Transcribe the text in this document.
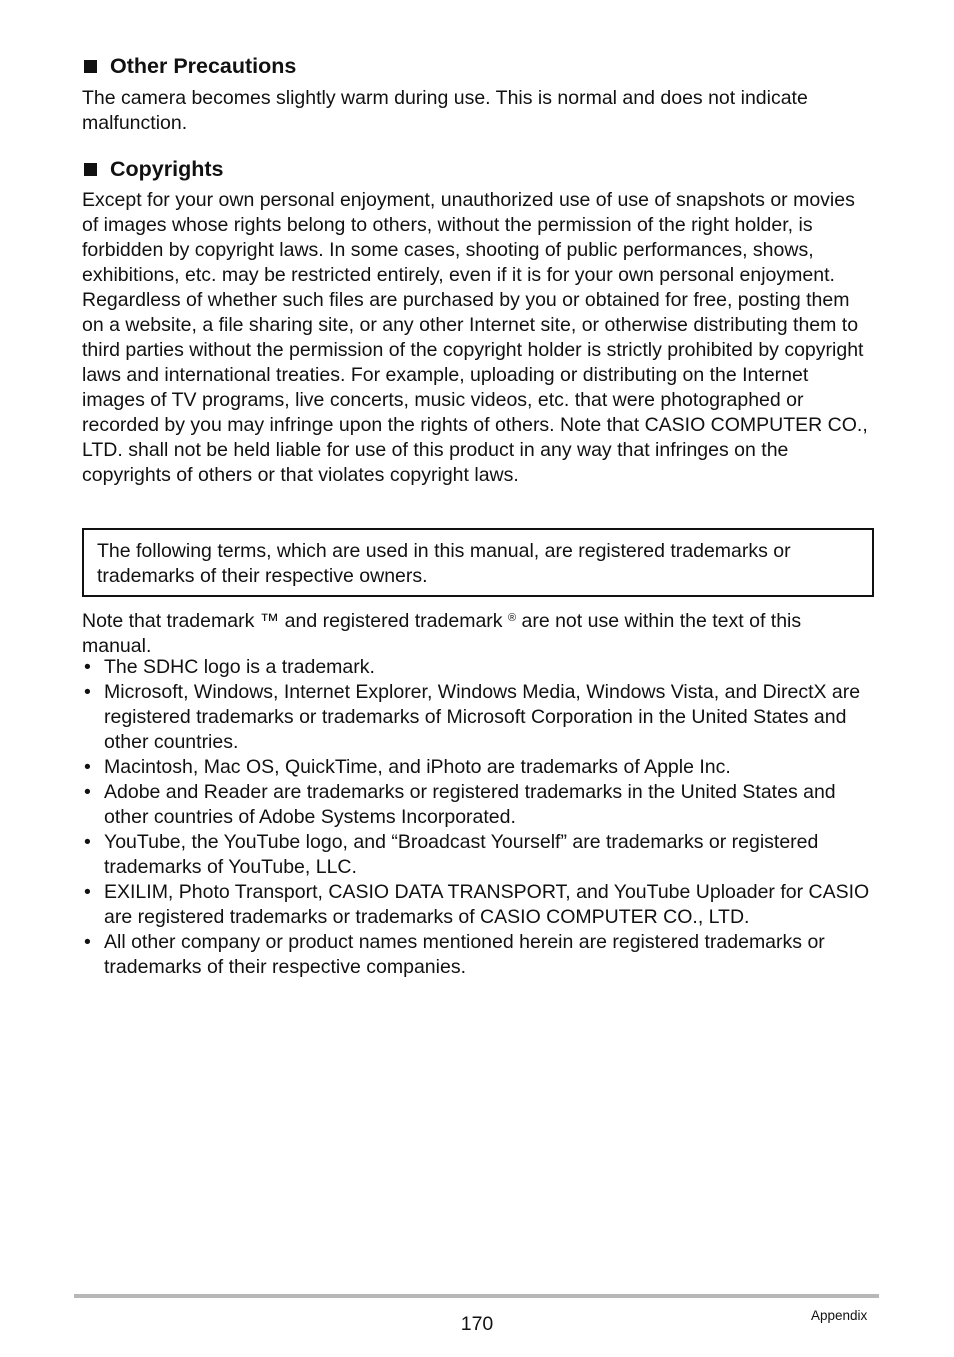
Other Precautions

The camera becomes slightly warm during use. This is normal and does not indicate malfunction.

Copyrights

Except for your own personal enjoyment, unauthorized use of use of snapshots or movies of images whose rights belong to others, without the permission of the right holder, is forbidden by copyright laws. In some cases, shooting of public performances, shows, exhibitions, etc. may be restricted entirely, even if it is for your own personal enjoyment. Regardless of whether such files are purchased by you or obtained for free, posting them on a website, a file sharing site, or any other Internet site, or otherwise distributing them to third parties without the permission of the copyright holder is strictly prohibited by copyright laws and international treaties. For example, uploading or distributing on the Internet images of TV programs, live concerts, music videos, etc. that were photographed or recorded by you may infringe upon the rights of others. Note that CASIO COMPUTER CO., LTD. shall not be held liable for use of this product in any way that infringes on the copyrights of others or that violates copyright laws.

The following terms, which are used in this manual, are registered trademarks or trademarks of their respective owners.

Note that trademark ™ and registered trademark ® are not use within the text of this manual.

• The SDHC logo is a trademark.
• Microsoft, Windows, Internet Explorer, Windows Media, Windows Vista, and DirectX are registered trademarks or trademarks of Microsoft Corporation in the United States and other countries.
• Macintosh, Mac OS, QuickTime, and iPhoto are trademarks of Apple Inc.
• Adobe and Reader are trademarks or registered trademarks in the United States and other countries of Adobe Systems Incorporated.
• YouTube, the YouTube logo, and “Broadcast Yourself” are trademarks or registered trademarks of YouTube, LLC.
• EXILIM, Photo Transport, CASIO DATA TRANSPORT, and YouTube Uploader for CASIO are registered trademarks or trademarks of CASIO COMPUTER CO., LTD.
• All other company or product names mentioned herein are registered trademarks or trademarks of their respective companies.
170	Appendix
